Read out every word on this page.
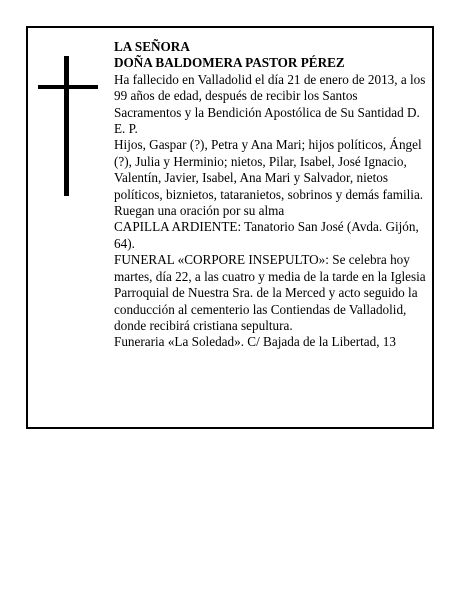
LA SEÑORA

DOÑA BALDOMERA PASTOR PÉREZ

Ha fallecido en Valladolid el día 21 de enero de 2013, a los 99 años de edad, después de recibir los Santos Sacramentos y la Bendición Apostólica de Su Santidad D. E. P.

Hijos, Gaspar (?), Petra y Ana Mari; hijos políticos, Ángel (?), Julia y Herminio; nietos, Pilar, Isabel, José Ignacio, Valentín, Javier, Isabel, Ana Mari y Salvador, nietos políticos, biznietos, tataranietos, sobrinos y demás familia.

Ruegan una oración por su alma

CAPILLA ARDIENTE: Tanatorio San José (Avda. Gijón, 64).

FUNERAL «CORPORE INSEPULTO»: Se celebra hoy martes, día 22, a las cuatro y media de la tarde en la Iglesia Parroquial de Nuestra Sra. de la Merced y acto seguido la conducción al cementerio las Contiendas de Valladolid, donde recibirá cristiana sepultura.

Funeraria «La Soledad». C/ Bajada de la Libertad, 13
